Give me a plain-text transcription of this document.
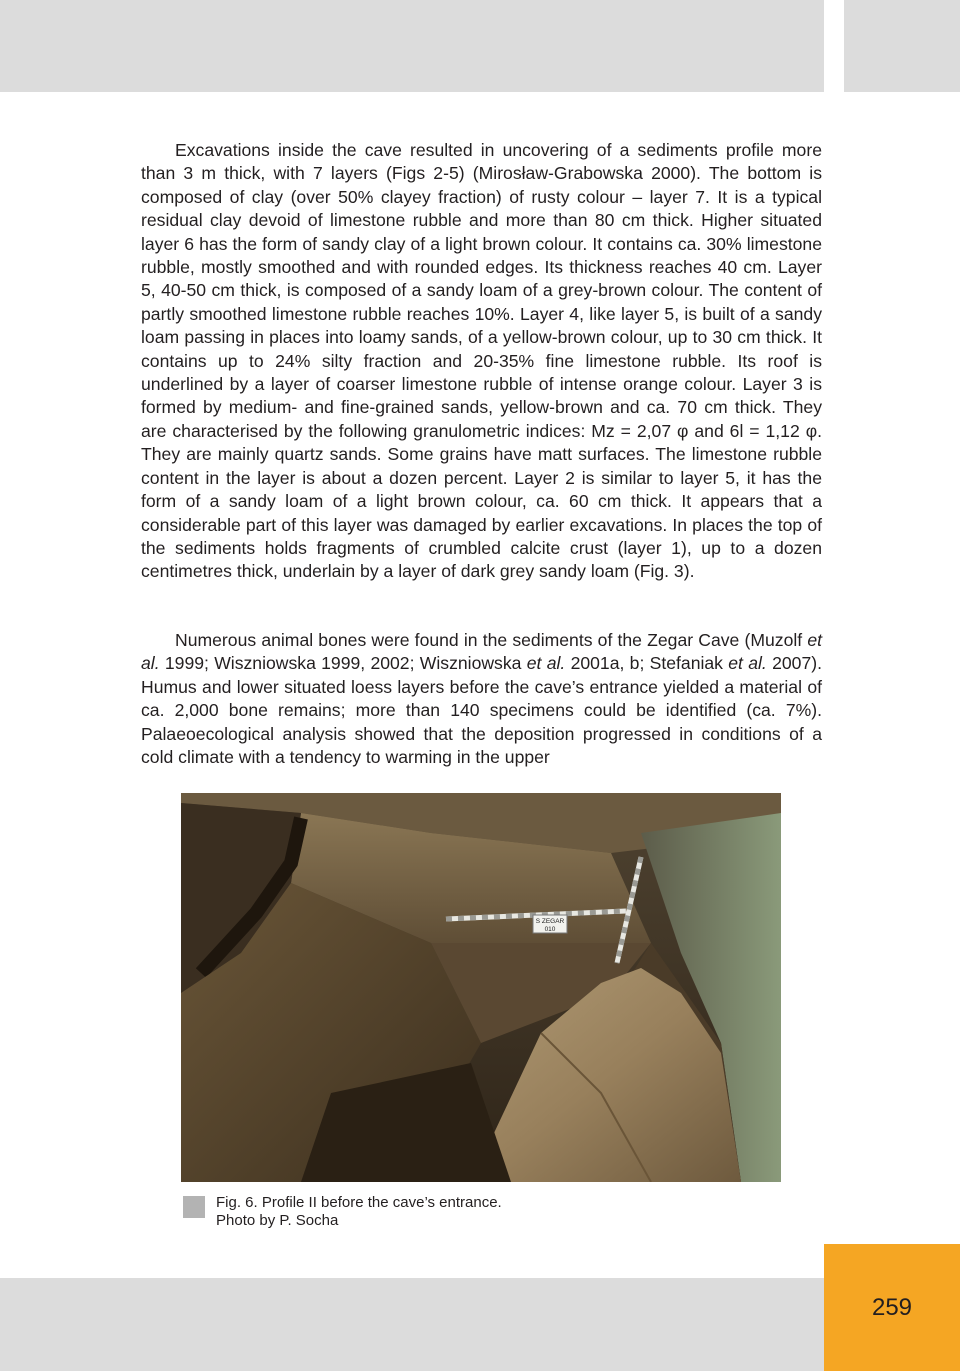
Excavations inside the cave resulted in uncovering of a sediments profile more than 3 m thick, with 7 layers (Figs 2-5) (Mirosław-Grabowska 2000). The bottom is composed of clay (over 50% clayey fraction) of rusty colour – layer 7. It is a typical residual clay devoid of limestone rubble and more than 80 cm thick. Higher situated layer 6 has the form of sandy clay of a light brown colour. It contains ca. 30% limestone rubble, mostly smoothed and with rounded edges. Its thickness reaches 40 cm. Layer 5, 40-50 cm thick, is composed of a sandy loam of a grey-brown colour. The content of partly smoothed limestone rubble reaches 10%. Layer 4, like layer 5, is built of a sandy loam passing in places into loamy sands, of a yellow-brown colour, up to 30 cm thick. It contains up to 24% silty fraction and 20-35% fine limestone rubble. Its roof is underlined by a layer of coarser limestone rubble of intense orange colour. Layer 3 is formed by medium- and fine-grained sands, yellow-brown and ca. 70 cm thick. They are characterised by the following granulometric indices: Mz = 2,07 φ and 6l = 1,12 φ. They are mainly quartz sands. Some grains have matt surfaces. The limestone rubble content in the layer is about a dozen percent. Layer 2 is similar to layer 5, it has the form of a sandy loam of a light brown colour, ca. 60 cm thick. It appears that a considerable part of this layer was damaged by earlier excavations. In places the top of the sediments holds fragments of crumbled calcite crust (layer 1), up to a dozen centimetres thick, underlain by a layer of dark grey sandy loam (Fig. 3).

Numerous animal bones were found in the sediments of the Zegar Cave (Muzolf et al. 1999; Wiszniowska 1999, 2002; Wiszniowska et al. 2001a, b; Stefaniak et al. 2007). Humus and lower situated loess layers before the cave’s entrance yielded a material of ca. 2,000 bone remains; more than 140 specimens could be identified (ca. 7%). Palaeoecological analysis showed that the deposition progressed in conditions of a cold climate with a tendency to warming in the upper

S ZEGAR
010
Fig. 6. Profile II before the cave’s entrance.
Photo by P. Socha
259
